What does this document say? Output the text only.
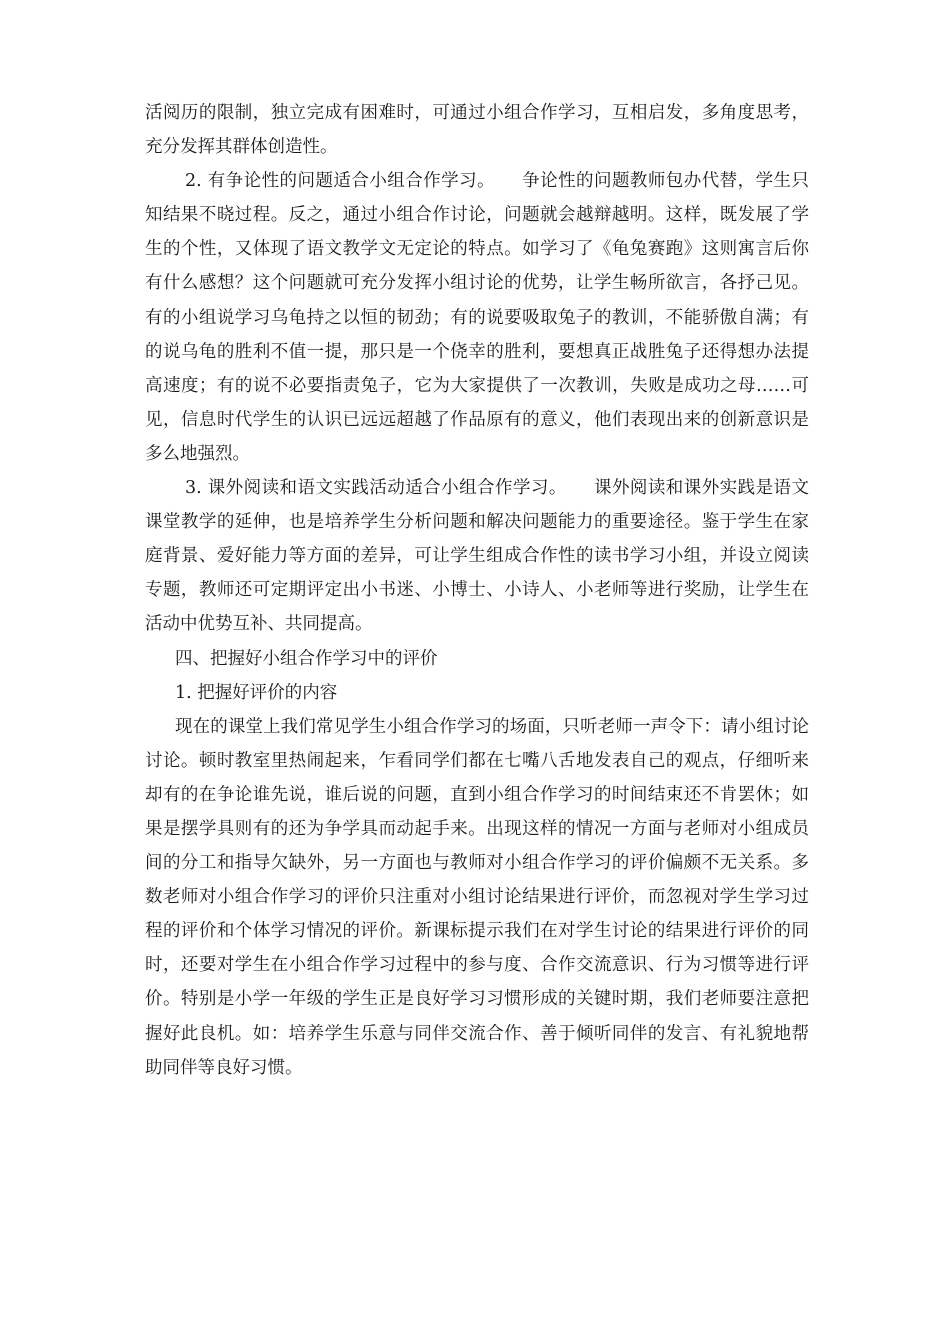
活阅历的限制，独立完成有困难时，可通过小组合作学习，互相启发，多角度思考，充分发挥其群体创造性。

2. 有争论性的问题适合小组合作学习。　　争论性的问题教师包办代替，学生只知结果不晓过程。反之，通过小组合作讨论，问题就会越辩越明。这样，既发展了学生的个性，又体现了语文教学文无定论的特点。如学习了《龟兔赛跑》这则寓言后你有什么感想？这个问题就可充分发挥小组讨论的优势，让学生畅所欲言，各抒己见。有的小组说学习乌龟持之以恒的韧劲；有的说要吸取兔子的教训，不能骄傲自满；有的说乌龟的胜利不值一提，那只是一个侥幸的胜利，要想真正战胜兔子还得想办法提高速度；有的说不必要指责兔子，它为大家提供了一次教训，失败是成功之母……可见，信息时代学生的认识已远远超越了作品原有的意义，他们表现出来的创新意识是多么地强烈。

3. 课外阅读和语文实践活动适合小组合作学习。　　课外阅读和课外实践是语文课堂教学的延伸，也是培养学生分析问题和解决问题能力的重要途径。鉴于学生在家庭背景、爱好能力等方面的差异，可让学生组成合作性的读书学习小组，并设立阅读专题，教师还可定期评定出小书迷、小博士、小诗人、小老师等进行奖励，让学生在活动中优势互补、共同提高。

四、把握好小组合作学习中的评价

1. 把握好评价的内容

现在的课堂上我们常见学生小组合作学习的场面，只听老师一声令下：请小组讨论讨论。顿时教室里热闹起来，乍看同学们都在七嘴八舌地发表自己的观点，仔细听来却有的在争论谁先说，谁后说的问题，直到小组合作学习的时间结束还不肯罢休；如果是摆学具则有的还为争学具而动起手来。出现这样的情况一方面与老师对小组成员间的分工和指导欠缺外，另一方面也与教师对小组合作学习的评价偏颇不无关系。多数老师对小组合作学习的评价只注重对小组讨论结果进行评价，而忽视对学生学习过程的评价和个体学习情况的评价。新课标提示我们在对学生讨论的结果进行评价的同时，还要对学生在小组合作学习过程中的参与度、合作交流意识、行为习惯等进行评价。特别是小学一年级的学生正是良好学习习惯形成的关键时期，我们老师要注意把握好此良机。如：培养学生乐意与同伴交流合作、善于倾听同伴的发言、有礼貌地帮助同伴等良好习惯。
